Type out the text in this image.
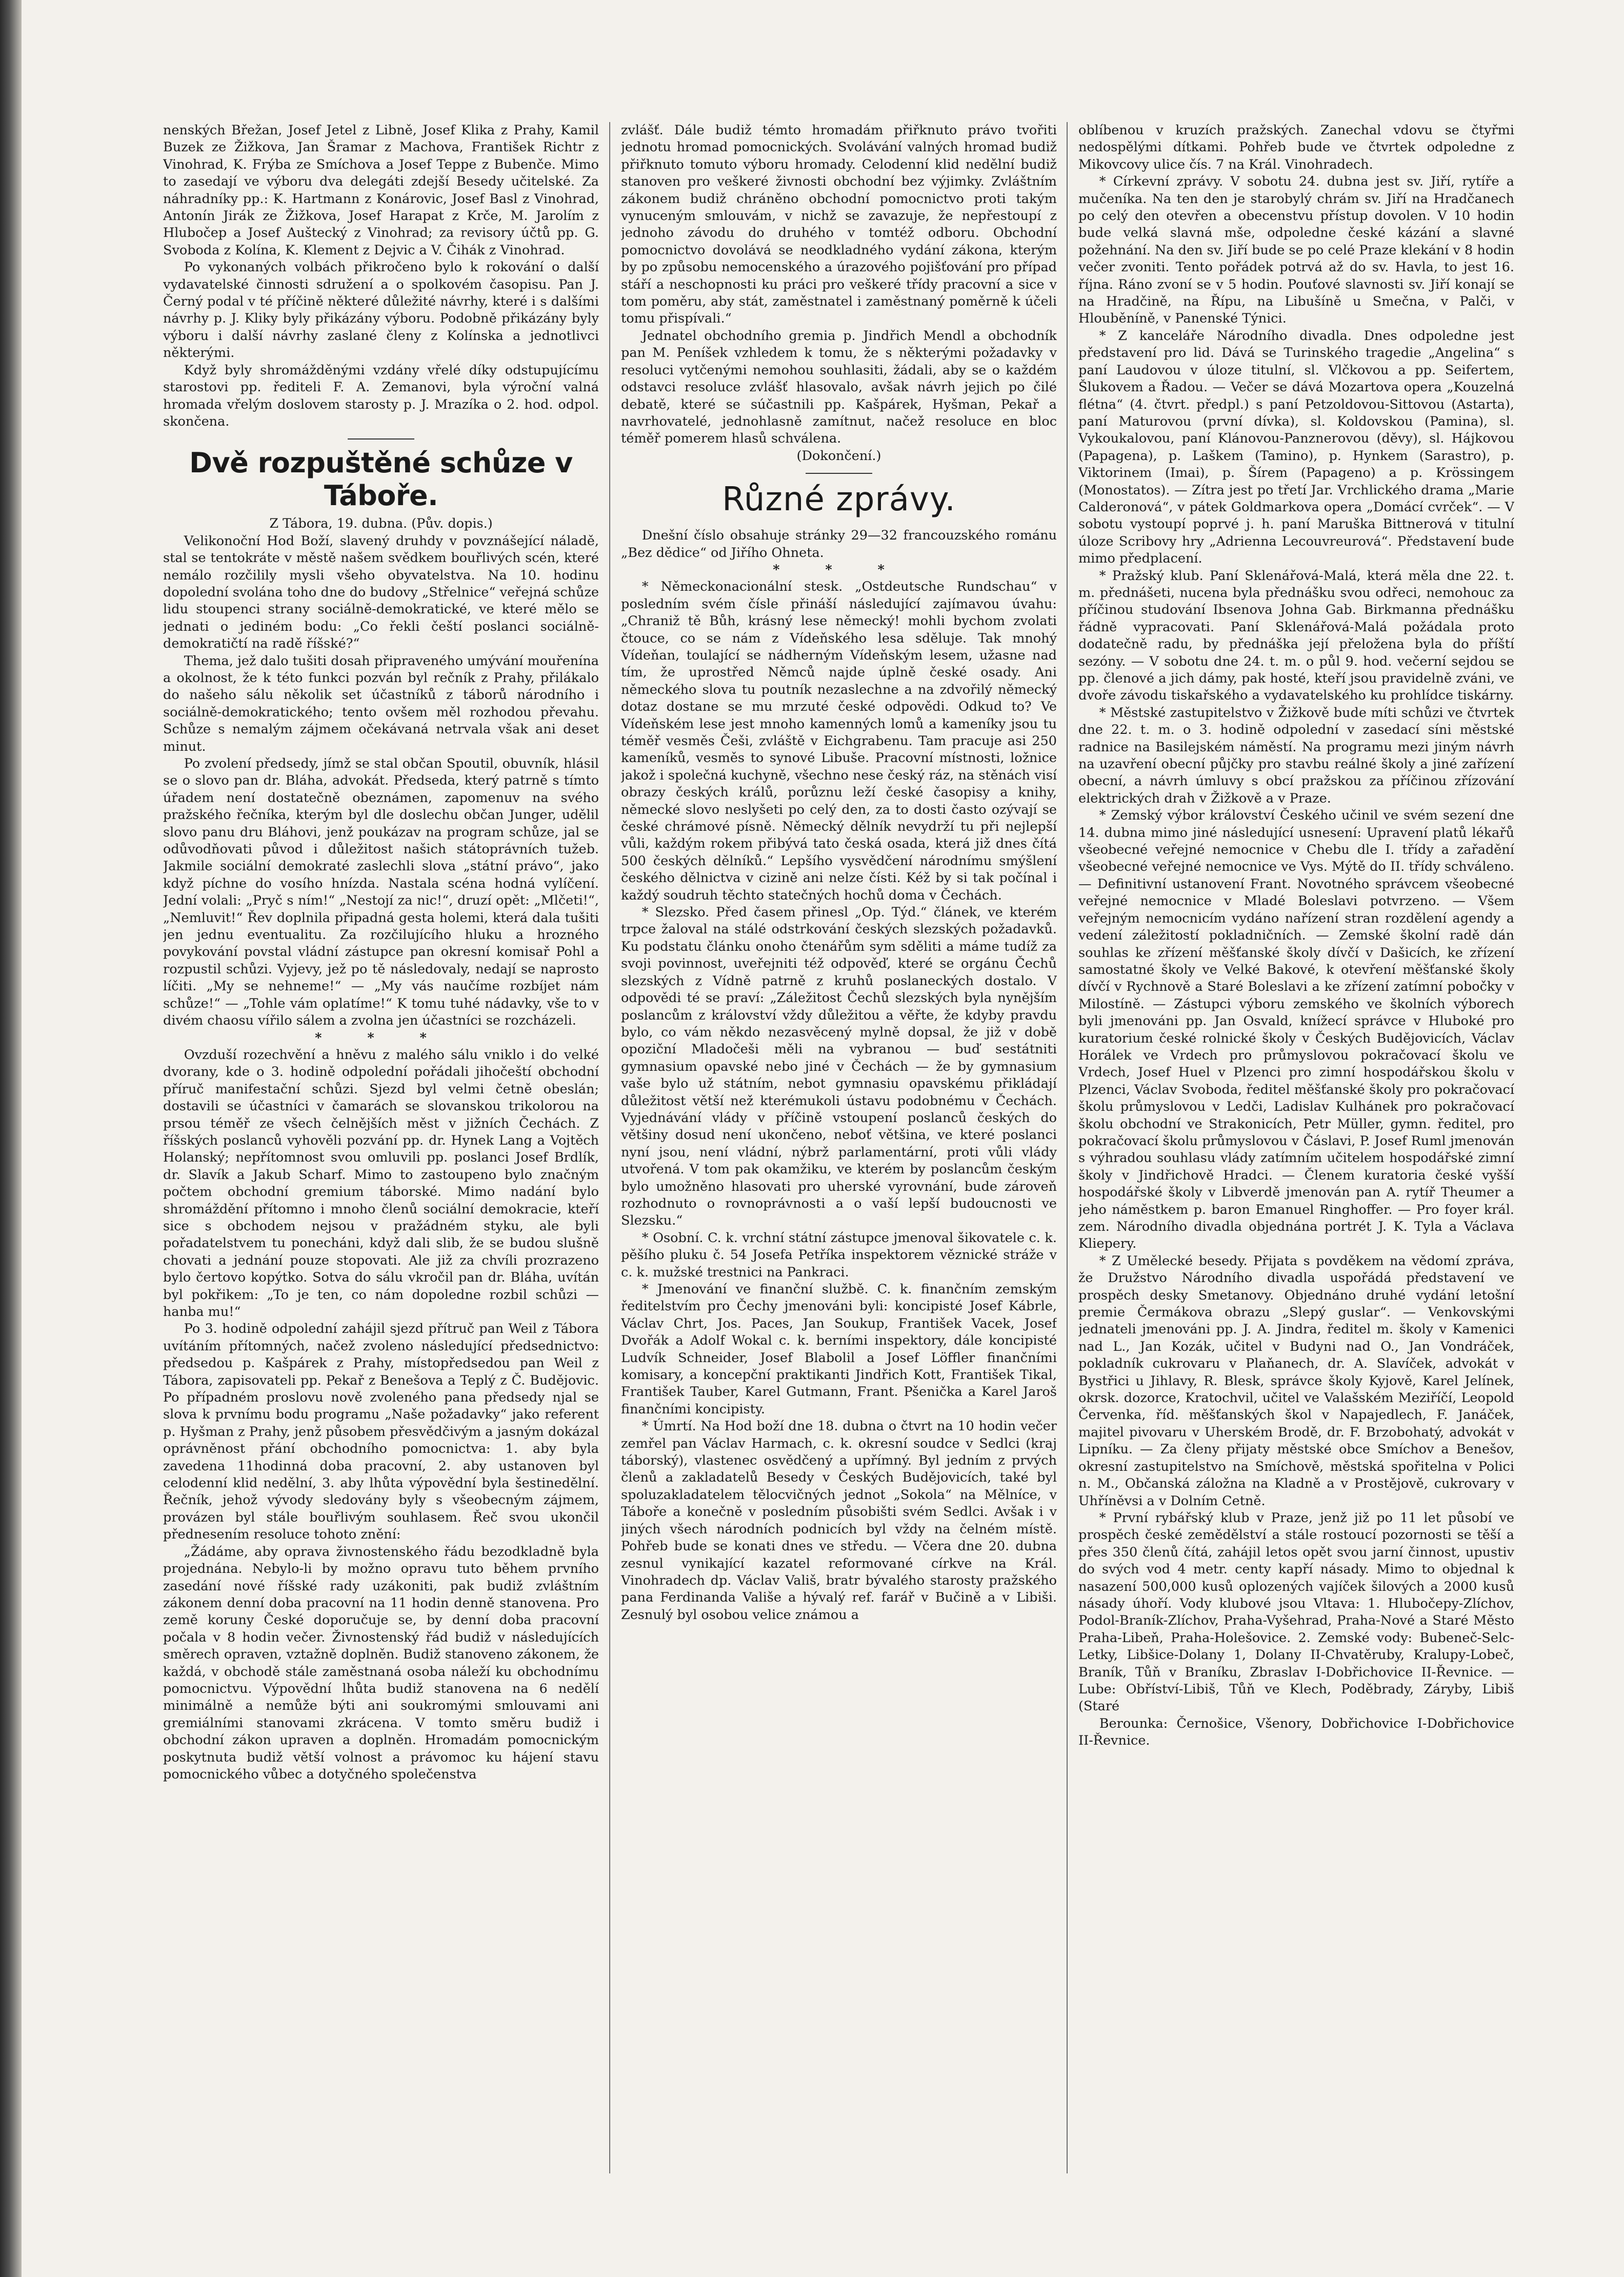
nenských Břežan, Josef Jetel z Libně, Josef Klika z Prahy, Kamil Buzek ze Žižkova, Jan Šramar z Machova, František Richtr z Vinohrad, K. Frýba ze Smíchova a Josef Teppe z Bubenče. Mimo to zasedají ve výboru dva delegáti zdejší Besedy učitelské. Za náhradníky pp.: K. Hartmann z Konárovic, Josef Basl z Vinohrad, Antonín Jirák ze Žižkova, Josef Harapat z Krče, M. Jarolím z Hlubočep a Josef Auštecký z Vinohrad; za revisory účtů pp. G. Svoboda z Kolína, K. Klement z Dejvic a V. Čihák z Vinohrad.

Po vykonaných volbách přikročeno bylo k rokování o další vydavatelské činnosti sdružení a o spolkovém časopisu. Pan J. Černý podal v té příčině některé důležité návrhy, které i s dalšími návrhy p. J. Kliky byly přikázány výboru. Podobně přikázány byly výboru i další návrhy zaslané členy z Kolínska a jednotlivci některými.

Když byly shromážděnými vzdány vřelé díky odstupujícímu starostovi pp. řediteli F. A. Zemanovi, byla výroční valná hromada vřelým doslovem starosty p. J. Mrazíka o 2. hod. odpol. skončena.

Dvě rozpuštěné schůze v Táboře.

Z Tábora, 19. dubna. (Pův. dopis.)

Velikonoční Hod Boží, slavený druhdy v povznášející náladě, stal se tentokráte v městě našem svědkem bouřlivých scén, které nemálo rozčilily mysli všeho obyvatelstva. Na 10. hodinu dopolední svolána toho dne do budovy „Střelnice“ veřejná schůze lidu stoupenci strany sociálně-demokratické, ve které mělo se jednati o jediném bodu: „Co řekli čeští poslanci sociálně-demokratičtí na radě říšské?“

Thema, jež dalo tušiti dosah připraveného umývání mouřenína a okolnost, že k této funkci pozván byl rečník z Prahy, přilákalo do našeho sálu několik set účastníků z táborů národního i sociálně-demokratického; tento ovšem měl rozhodou převahu. Schůze s nemalým zájmem očekávaná netrvala však ani deset minut.

Po zvolení předsedy, jímž se stal občan Spoutil, obuvník, hlásil se o slovo pan dr. Bláha, advokát. Předseda, který patrně s tímto úřadem není dostatečně obeznámen, zapomenuv na svého pražského řečníka, kterým byl dle doslechu občan Junger, udělil slovo panu dru Bláhovi, jenž poukázav na program schůze, jal se odůvodňovati původ i důležitost našich státoprávních tužeb. Jakmile sociální demokraté zaslechli slova „státní právo“, jako když píchne do vosího hnízda. Nastala scéna hodná vylíčení. Jední volali: „Pryč s ním!“ „Nestojí za nic!“, druzí opět: „Mlčeti!“, „Nemluvit!“ Řev doplnila připadná gesta holemi, která dala tušiti jen jednu eventualitu. Za rozčilujícího hluku a hrozného povykování povstal vládní zástupce pan okresní komisař Pohl a rozpustil schůzi. Vyjevy, jež po tě následovaly, nedají se naprosto líčiti. „My se nehneme!“ — „My vás naučíme rozbíjet nám schůze!“ — „Tohle vám oplatíme!“ K tomu tuhé nádavky, vše to v divém chaosu vířilo sálem a zvolna jen účastníci se rozcházeli.

* * *

Ovzduší rozechvění a hněvu z malého sálu vniklo i do velké dvorany, kde o 3. hodině odpolední pořádali jihočeští obchodní příruč manifestační schůzi. Sjezd byl velmi četně obeslán; dostavili se účastníci v čamarách se slovanskou trikolorou na prsou téměř ze všech čelnějších měst v jižních Čechách. Z říšských poslanců vyhověli pozvání pp. dr. Hynek Lang a Vojtěch Holanský; nepřítomnost svou omluvili pp. poslanci Josef Brdlík, dr. Slavík a Jakub Scharf. Mimo to zastoupeno bylo značným počtem obchodní gremium táborské. Mimo nadání bylo shromáždění přítomno i mnoho členů sociální demokracie, kteří sice s obchodem nejsou v pražádném styku, ale byli pořadatelstvem tu ponecháni, když dali slib, že se budou slušně chovati a jednání pouze stopovati. Ale již za chvíli prozrazeno bylo čertovo kopýtko. Sotva do sálu vkročil pan dr. Bláha, uvítán byl pokřikem: „To je ten, co nám dopoledne rozbil schůzi — hanba mu!“

Po 3. hodině odpolední zahájil sjezd přítruč pan Weil z Tábora uvítáním přítomných, načež zvoleno následující předsednictvo: předsedou p. Kašpárek z Prahy, místopředsedou pan Weil z Tábora, zapisovateli pp. Pekař z Benešova a Teplý z Č. Budějovic. Po případném proslovu nově zvoleného pana předsedy njal se slova k prvnímu bodu programu „Naše požadavky“ jako referent p. Hyšman z Prahy, jenž působem přesvědčivým a jasným dokázal oprávněnost přání obchodního pomocnictva: 1. aby byla zavedena 11hodinná doba pracovní, 2. aby ustanoven byl celodenní klid nedělní, 3. aby lhůta výpovědní byla šestinedělní. Řečník, jehož vývody sledovány byly s všeobecným zájmem, provázen byl stále bouřlivým souhlasem. Řeč svou ukončil přednesením resoluce tohoto znění:

„Žádáme, aby oprava živnostenského řádu bezodkladně byla projednána. Nebylo-li by možno opravu tuto během prvního zasedání nové říšské rady uzákoniti, pak budiž zvláštním zákonem denní doba pracovní na 11 hodin denně stanovena. Pro země koruny České doporučuje se, by denní doba pracovní počala v 8 hodin večer. Živnostenský řád budiž v následujících směrech opraven, vztažně doplněn. Budiž stanoveno zákonem, že každá, v obchodě stále zaměstnaná osoba náleží ku obchodnímu pomocnictvu. Výpovědní lhůta budiž stanovena na 6 nedělí minimálně a nemůže býti ani soukromými smlouvami ani gremiálními stanovami zkrácena. V tomto směru budiž i obchodní zákon upraven a doplněn. Hromadám pomocnickým poskytnuta budiž větší volnost a právomoc ku hájení stavu pomocnického vůbec a dotyčného společenstva

zvlášť. Dále budiž témto hromadám přiřknuto právo tvořiti jednotu hromad pomocnických. Svolávání valných hromad budiž přiřknuto tomuto výboru hromady. Celodenní klid nedělní budiž stanoven pro veškeré živnosti obchodní bez výjimky. Zvláštním zákonem budiž chráněno obchodní pomocnictvo proti takým vynuceným smlouvám, v nichž se zavazuje, že nepřestoupí z jednoho závodu do druhého v tomtéž odboru. Obchodní pomocnictvo dovolává se neodkladného vydání zákona, kterým by po způsobu nemocenského a úrazového pojišťování pro případ stáří a neschopnosti ku práci pro veškeré třídy pracovní a sice v tom poměru, aby stát, zaměstnatel i zaměstnaný poměrně k účeli tomu přispívali.“

Jednatel obchodního gremia p. Jindřich Mendl a obchodník pan M. Peníšek vzhledem k tomu, že s některými požadavky v resoluci vytčenými nemohou souhlasiti, žádali, aby se o každém odstavci resoluce zvlášť hlasovalo, avšak návrh jejich po čilé debatě, které se súčastnili pp. Kašpárek, Hyšman, Pekař a navrhovatelé, jednohlasně zamítnut, načež resoluce en bloc téměř pomerem hlasů schválena.

(Dokončení.)

Různé zprávy.

Dnešní číslo obsahuje stránky 29—32 francouzského románu „Bez dědice“ od Jiřího Ohneta.

* * *

* Německonacionální stesk. „Ostdeutsche Rundschau“ v posledním svém čísle přináší následující zajímavou úvahu: „Chraniž tě Bůh, krásný lese německý! mohli bychom zvolati čtouce, co se nám z Vídeňského lesa sděluje. Tak mnohý Vídeňan, toulající se nádherným Vídeňským lesem, užasne nad tím, že uprostřed Němců najde úplně české osady. Ani německého slova tu poutník nezaslechne a na zdvořilý německý dotaz dostane se mu mrzuté české odpovědi. Odkud to? Ve Vídeňském lese jest mnoho kamenných lomů a kameníky jsou tu téměř vesměs Češi, zvláště v Eichgrabenu. Tam pracuje asi 250 kameníků, vesměs to synové Libuše. Pracovní místnosti, ložnice jakož i společná kuchyně, všechno nese český ráz, na stěnách visí obrazy českých králů, porůznu leží české časopisy a knihy, německé slovo neslyšeti po celý den, za to dosti často ozývají se české chrámové písně. Německý dělník nevydrží tu při nejlepší vůli, každým rokem přibývá tato česká osada, která již dnes čítá 500 českých dělníků.“ Lepšího vysvědčení národnímu smýšlení českého dělnictva v cizině ani nelze čísti. Kéž by si tak počínal i každý soudruh těchto statečných hochů doma v Čechách.

* Slezsko. Před časem přinesl „Op. Týd.“ článek, ve kterém trpce žaloval na stálé odstrkování českých slezských požadavků. Ku podstatu článku onoho čtenářům sym sděliti a máme tudíž za svoji povinnost, uveřejniti též odpověď, které se orgánu Čechů slezských z Vídně patrně z kruhů poslaneckých dostalo. V odpovědi té se praví: „Záležitost Čechů slezských byla nynějším poslancům z království vždy důležitou a věřte, že kdyby pravdu bylo, co vám někdo nezasvěcený mylně dopsal, že již v době opoziční Mladočeši měli na vybranou — buď sestátniti gymnasium opavské nebo jiné v Čechách — že by gymnasium vaše bylo už státním, nebot gymnasiu opavskému přikládají důležitost větší než kterémukoli ústavu podobnému v Čechách. Vyjednávání vlády v příčině vstoupení poslanců českých do většiny dosud není ukončeno, neboť většina, ve které poslanci nyní jsou, není vládní, nýbrž parlamentární, proti vůli vlády utvořená. V tom pak okamžiku, ve kterém by poslancům českým bylo umožněno hlasovati pro uherské vyrovnání, bude zároveň rozhodnuto o rovnoprávnosti a o vaší lepší budoucnosti ve Slezsku.“

* Osobní. C. k. vrchní státní zástupce jmenoval šikovatele c. k. pěšího pluku č. 54 Josefa Petříka inspektorem věznické stráže v c. k. mužské trestnici na Pankraci.

* Jmenování ve finanční službě. C. k. finančním zemským ředitelstvím pro Čechy jmenováni byli: koncipisté Josef Kábrle, Václav Chrt, Jos. Paces, Jan Soukup, František Vacek, Josef Dvořák a Adolf Wokal c. k. berními inspektory, dále koncipisté Ludvík Schneider, Josef Blabolil a Josef Löffler finančními komisary, a koncepční praktikanti Jindřich Kott, František Tikal, František Tauber, Karel Gutmann, Frant. Pšenička a Karel Jaroš finančními koncipisty.

* Úmrtí. Na Hod boží dne 18. dubna o čtvrt na 10 hodin večer zemřel pan Václav Harmach, c. k. okresní soudce v Sedlci (kraj táborský), vlastenec osvědčený a upřímný. Byl jedním z prvých členů a zakladatelů Besedy v Českých Budějovicích, také byl spoluzakladatelem tělocvičných jednot „Sokola“ na Mělníce, v Táboře a konečně v posledním působišti svém Sedlci. Avšak i v jiných všech národních podnicích byl vždy na čelném místě. Pohřeb bude se konati dnes ve středu. — Včera dne 20. dubna zesnul vynikající kazatel reformované církve na Král. Vinohradech dp. Václav Vališ, bratr bývalého starosty pražského pana Ferdinanda Vališe a hývalý ref. farář v Bučině a v Libiši. Zesnulý byl osobou velice známou a

oblíbenou v kruzích pražských. Zanechal vdovu se čtyřmi nedospělými dítkami. Pohřeb bude ve čtvrtek odpoledne z Mikovcovy ulice čís. 7 na Král. Vinohradech.

* Církevní zprávy. V sobotu 24. dubna jest sv. Jiří, rytíře a mučeníka. Na ten den je starobylý chrám sv. Jiří na Hradčanech po celý den otevřen a obecenstvu přístup dovolen. V 10 hodin bude velká slavná mše, odpoledne české kázání a slavné požehnání. Na den sv. Jiří bude se po celé Praze klekání v 8 hodin večer zvoniti. Tento pořádek potrvá až do sv. Havla, to jest 16. října. Ráno zvoní se v 5 hodin. Pouťové slavnosti sv. Jiří konají se na Hradčině, na Řípu, na Libušíně u Smečna, v Palči, v Hlouběníně, v Panenské Týnici.

* Z kanceláře Národního divadla. Dnes odpoledne jest představení pro lid. Dává se Turinského tragedie „Angelina“ s paní Laudovou v úloze titulní, sl. Vlčkovou a pp. Seifertem, Šlukovem a Řadou. — Večer se dává Mozartova opera „Kouzelná flétna“ (4. čtvrt. předpl.) s paní Petzoldovou-Sittovou (Astarta), paní Maturovou (první dívka), sl. Koldovskou (Pamina), sl. Vykoukalovou, paní Klánovou-Panznerovou (děvy), sl. Hájkovou (Papagena), p. Laškem (Tamino), p. Hynkem (Sarastro), p. Viktorinem (Imai), p. Šírem (Papageno) a p. Krössingem (Monostatos). — Zítra jest po třetí Jar. Vrchlického drama „Marie Calderonová“, v pátek Goldmarkova opera „Domácí cvrček“. — V sobotu vystoupí poprvé j. h. paní Maruška Bittnerová v titulní úloze Scribovy hry „Adrienna Lecouvreurová“. Představení bude mimo předplacení.

* Pražský klub. Paní Sklenářová-Malá, která měla dne 22. t. m. přednášeti, nucena byla přednášku svou odřeci, nemohouc za příčinou studování Ibsenova Johna Gab. Birkmanna přednášku řádně vypracovati. Paní Sklenářová-Malá požádala proto dodatečně radu, by přednáška její přeložena byla do příští sezóny. — V sobotu dne 24. t. m. o půl 9. hod. večerní sejdou se pp. členové a jich dámy, pak hosté, kteří jsou pravidelně zváni, ve dvoře závodu tiskařského a vydavatelského ku prohlídce tiskárny.

* Městské zastupitelstvo v Žižkově bude míti schůzi ve čtvrtek dne 22. t. m. o 3. hodině odpolední v zasedací síni městské radnice na Basilejském náměstí. Na programu mezi jiným návrh na uzavření obecní půjčky pro stavbu reálné školy a jiné zařízení obecní, a návrh úmluvy s obcí pražskou za příčinou zřízování elektrických drah v Žižkově a v Praze.

* Zemský výbor království Českého učinil ve svém sezení dne 14. dubna mimo jiné následující usnesení: Upravení platů lékařů všeobecné veřejné nemocnice v Chebu dle I. třídy a zařadění všeobecné veřejné nemocnice ve Vys. Mýtě do II. třídy schváleno. — Definitivní ustanovení Frant. Novotného správcem všeobecné veřejné nemocnice v Mladé Boleslavi potvrzeno. — Všem veřejným nemocnicím vydáno nařízení stran rozdělení agendy a vedení záležitostí pokladničních. — Zemské školní radě dán souhlas ke zřízení měšťanské školy dívčí v Dašicích, ke zřízení samostatné školy ve Velké Bakové, k otevření měšťanské školy dívčí v Rychnově a Staré Boleslavi a ke zřízení zatímní pobočky v Milostíně. — Zástupci výboru zemského ve školních výborech byli jmenováni pp. Jan Osvald, knížecí správce v Hluboké pro kuratorium české rolnické školy v Českých Budějovicích, Václav Horálek ve Vrdech pro průmyslovou pokračovací školu ve Vrdech, Josef Huel v Plzenci pro zimní hospodářskou školu v Plzenci, Václav Svoboda, ředitel měšťanské školy pro pokračovací školu průmyslovou v Ledči, Ladislav Kulhánek pro pokračovací školu obchodní ve Strakonicích, Petr Müller, gymn. ředitel, pro pokračovací školu průmyslovou v Čáslavi, P. Josef Ruml jmenován s výhradou souhlasu vlády zatímním učitelem hospodářské zimní školy v Jindřichově Hradci. — Členem kuratoria české vyšší hospodářské školy v Libverdě jmenován pan A. rytíř Theumer a jeho náměstkem p. baron Emanuel Ringhoffer. — Pro foyer král. zem. Národního divadla objednána portrét J. K. Tyla a Václava Kliepery.

* Z Umělecké besedy. Přijata s povděkem na vědomí zpráva, že Družstvo Národního divadla uspořádá představení ve prospěch desky Smetanovy. Objednáno druhé vydání letošní premie Čermákova obrazu „Slepý guslar“. — Venkovskými jednateli jmenováni pp. J. A. Jindra, ředitel m. školy v Kamenici nad L., Jan Kozák, učitel v Budyni nad O., Jan Vondráček, pokladník cukrovaru v Plaňanech, dr. A. Slavíček, advokát v Bystřici u Jihlavy, R. Blesk, správce školy Kyjově, Karel Jelínek, okrsk. dozorce, Kratochvil, učitel ve Valašském Meziříčí, Leopold Červenka, říd. měšťanských škol v Napajedlech, F. Janáček, majitel pivovaru v Uherském Brodě, dr. F. Brzobohatý, advokát v Lipníku. — Za členy přijaty městské obce Smíchov a Benešov, okresní zastupitelstvo na Smíchově, městská spořitelna v Polici n. M., Občanská záložna na Kladně a v Prostějově, cukrovary v Uhříněvsi a v Dolním Cetně.

* První rybářský klub v Praze, jenž již po 11 let působí ve prospěch české zemědělství a stále rostoucí pozornosti se těší a přes 350 členů čítá, zahájil letos opět svou jarní činnost, upustiv do svých vod 4 metr. centy kapří násady. Mimo to objednal k nasazení 500,000 kusů oplozených vajíček šilových a 2000 kusů násady úhoří. Vody klubové jsou Vltava: 1. Hlubočepy-Zlíchov, Podol-Braník-Zlíchov, Praha-Vyšehrad, Praha-Nové a Staré Město Praha-Libeň, Praha-Holešovice. 2. Zemské vody: Bubeneč-Selc-Letky, Libšice-Dolany 1, Dolany II-Chvatěruby, Kralupy-Lobeč, Braník, Tůň v Braníku, Zbraslav I-Dobřichovice II-Řevnice. — Lube: Obříství-Libiš, Tůň ve Klech, Poděbrady, Záryby, Libiš (Staré

Berounka: Černošice, Všenory, Dobřichovice I-Dobřichovice II-Řevnice.
